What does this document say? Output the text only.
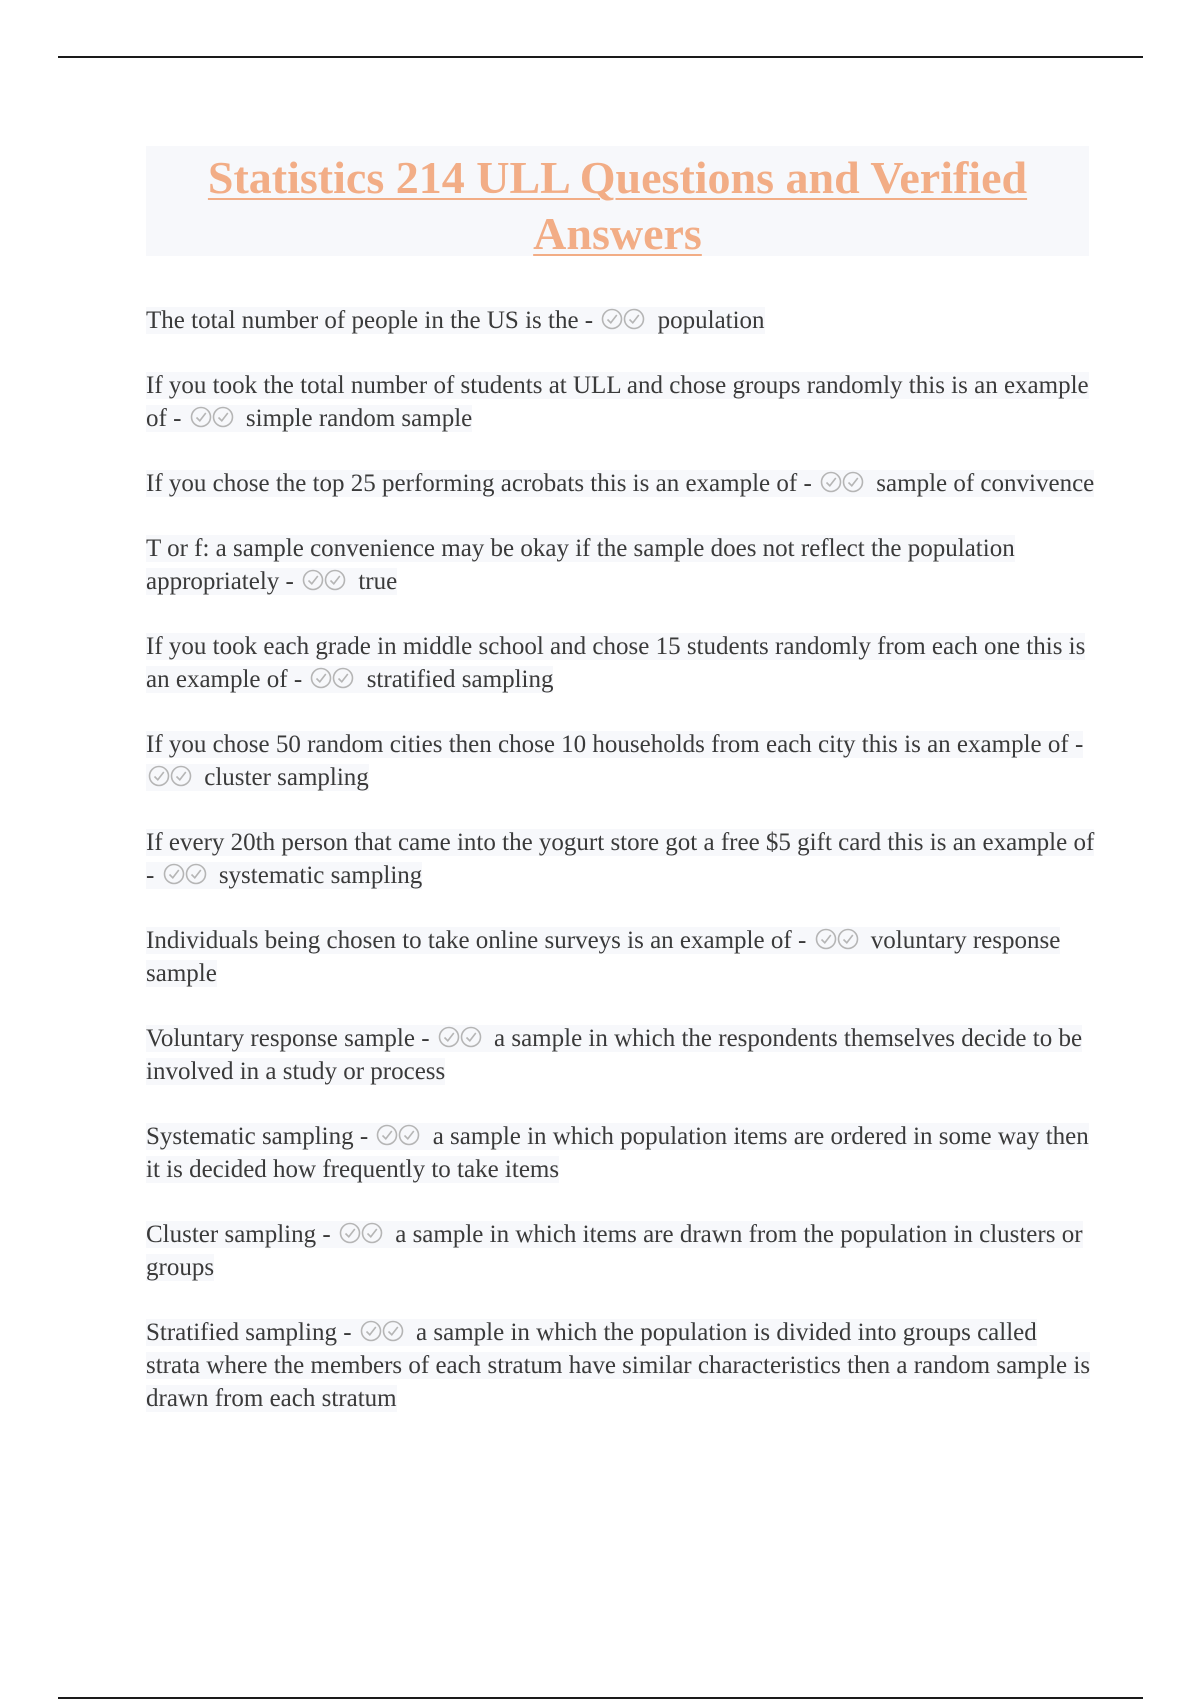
Statistics 214 ULL Questions and Verified Answers
The total number of people in the US is the -	population
If you took the total number of students at ULL and chose groups randomly this is an example of -	simple random sample
If you chose the top 25 performing acrobats this is an example of -	sample of convivence
T or f: a sample convenience may be okay if the sample does not reflect the population appropriately -	true
If you took each grade in middle school and chose 15 students randomly from each one this is an example of -	stratified sampling
If you chose 50 random cities then chose 10 households from each city this is an example of -
cluster sampling
If every 20th person that came into the yogurt store got a free $5 gift card this is an example of -	systematic sampling
Individuals being chosen to take online surveys is an example of -	voluntary response sample
Voluntary response sample -	a sample in which the respondents themselves decide to be involved in a study or process
Systematic sampling -	a sample in which population items are ordered in some way then it is decided how frequently to take items
Cluster sampling -	a sample in which items are drawn from the population in clusters or groups
Stratified sampling -	a sample in which the population is divided into groups called strata where the members of each stratum have similar characteristics then a random sample is drawn from each stratum
